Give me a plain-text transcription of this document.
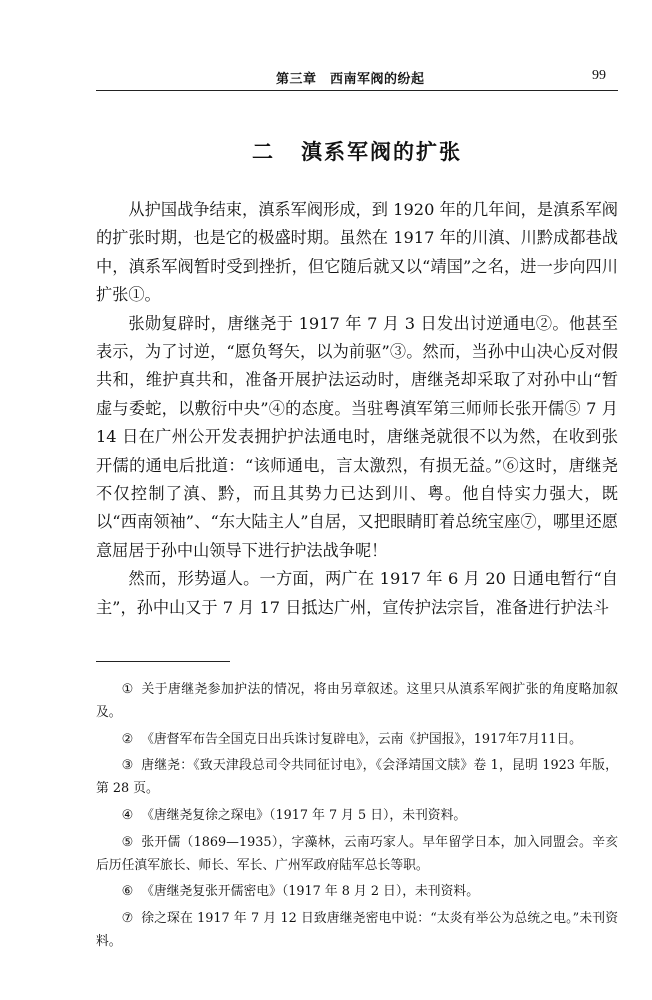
第三章　西南军阀的纷起	99
二 滇系军阀的扩张

从护国战争结束，滇系军阀形成，到 1920 年的几年间，是滇系军阀的扩张时期，也是它的极盛时期。虽然在 1917 年的川滇、川黔成都巷战中，滇系军阀暂时受到挫折，但它随后就又以“靖国”之名，进一步向四川扩张①。

张勋复辟时，唐继尧于 1917 年 7 月 3 日发出讨逆通电②。他甚至表示，为了讨逆，“愿负弩矢，以为前驱”③。然而，当孙中山决心反对假共和，维护真共和，准备开展护法运动时，唐继尧却采取了对孙中山“暂虚与委蛇，以敷衍中央”④的态度。当驻粤滇军第三师师长张开儒⑤ 7 月 14 日在广州公开发表拥护护法通电时，唐继尧就很不以为然，在收到张开儒的通电后批道：“该师通电，言太激烈，有损无益。”⑥这时，唐继尧不仅控制了滇、黔，而且其势力已达到川、粤。他自恃实力强大，既以“西南领袖”、“东大陆主人”自居，又把眼睛盯着总统宝座⑦，哪里还愿意屈居于孙中山领导下进行护法战争呢！

然而，形势逼人。一方面，两广在 1917 年 6 月 20 日通电暂行“自主”，孙中山又于 7 月 17 日抵达广州，宣传护法宗旨，准备进行护法斗

① 关于唐继尧参加护法的情况，将由另章叙述。这里只从滇系军阀扩张的角度略加叙及。

② 《唐督军布告全国克日出兵诛讨复辟电》，云南《护国报》，1917年7月11日。

③ 唐继尧：《致天津段总司令共同征讨电》，《会泽靖国文牍》卷 1，昆明 1923 年版，第 28 页。

④ 《唐继尧复徐之琛电》（1917 年 7 月 5 日），未刊资料。

⑤ 张开儒（1869—1935），字藻林，云南巧家人。早年留学日本，加入同盟会。辛亥后历任滇军旅长、师长、军长、广州军政府陆军总长等职。

⑥ 《唐继尧复张开儒密电》（1917 年 8 月 2 日），未刊资料。

⑦ 徐之琛在 1917 年 7 月 12 日致唐继尧密电中说：“太炎有举公为总统之电。”未刊资料。
